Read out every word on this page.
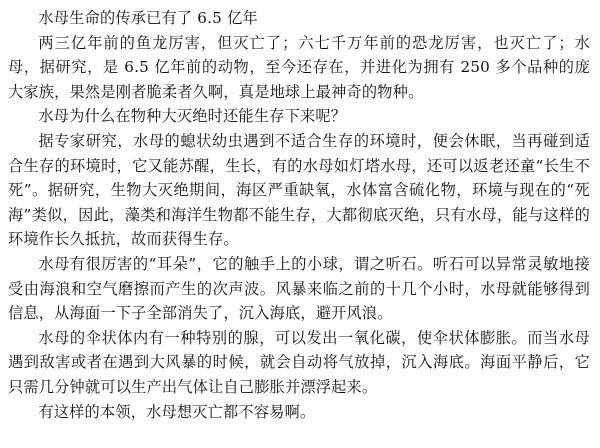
水母生命的传承已有了 6.5 亿年

两三亿年前的鱼龙厉害，但灭亡了；六七千万年前的恐龙厉害，也灭亡了；水母，据研究，是 6.5 亿年前的动物，至今还存在，并进化为拥有 250 多个品种的庞大家族，果然是刚者脆柔者久啊，真是地球上最神奇的物种。

水母为什么在物种大灭绝时还能生存下来呢？

据专家研究，水母的螅状幼虫遇到不适合生存的环境时，便会休眠，当再碰到适合生存的环境时，它又能苏醒，生长，有的水母如灯塔水母，还可以返老还童“长生不死”。据研究，生物大灭绝期间，海区严重缺氧，水体富含硫化物，环境与现在的“死海”类似，因此，藻类和海洋生物都不能生存，大都彻底灭绝，只有水母，能与这样的环境作长久抵抗，故而获得生存。

水母有很厉害的“耳朵”，它的触手上的小球，谓之听石。听石可以异常灵敏地接受由海浪和空气磨擦而产生的次声波。风暴来临之前的十几个小时，水母就能够得到信息，从海面一下子全部消失了，沉入海底，避开风浪。

水母的伞状体内有一种特别的腺，可以发出一氧化碳，使伞状体膨胀。而当水母遇到敌害或者在遇到大风暴的时候，就会自动将气放掉，沉入海底。海面平静后，它只需几分钟就可以生产出气体让自己膨胀并漂浮起来。

有这样的本领，水母想灭亡都不容易啊。
